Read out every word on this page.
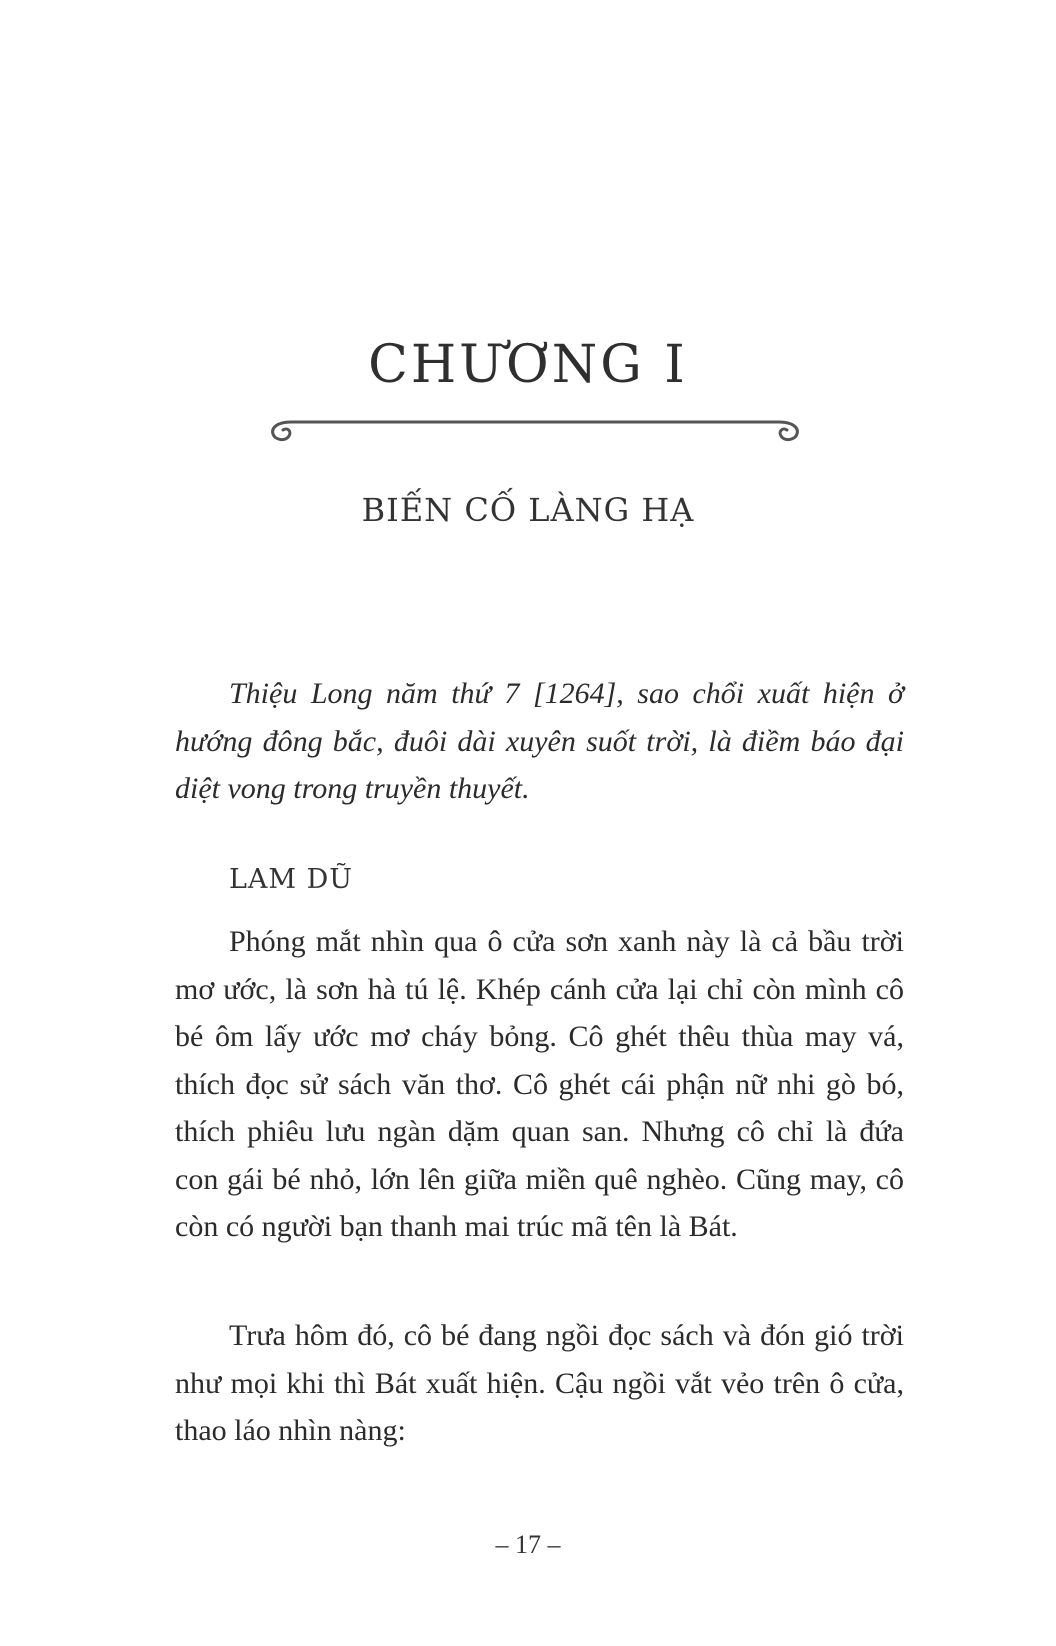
CHƯƠNG I
BIẾN CỐ LÀNG HẠ

Thiệu Long năm thứ 7 [1264], sao chổi xuất hiện ở hướng đông bắc, đuôi dài xuyên suốt trời, là điềm báo đại diệt vong trong truyền thuyết.

LAM DŨ

Phóng mắt nhìn qua ô cửa sơn xanh này là cả bầu trời mơ ước, là sơn hà tú lệ. Khép cánh cửa lại chỉ còn mình cô bé ôm lấy ước mơ cháy bỏng. Cô ghét thêu thùa may vá, thích đọc sử sách văn thơ. Cô ghét cái phận nữ nhi gò bó, thích phiêu lưu ngàn dặm quan san. Nhưng cô chỉ là đứa con gái bé nhỏ, lớn lên giữa miền quê nghèo. Cũng may, cô còn có người bạn thanh mai trúc mã tên là Bát.

Trưa hôm đó, cô bé đang ngồi đọc sách và đón gió trời như mọi khi thì Bát xuất hiện. Cậu ngồi vắt vẻo trên ô cửa, thao láo nhìn nàng:

– 17 –
